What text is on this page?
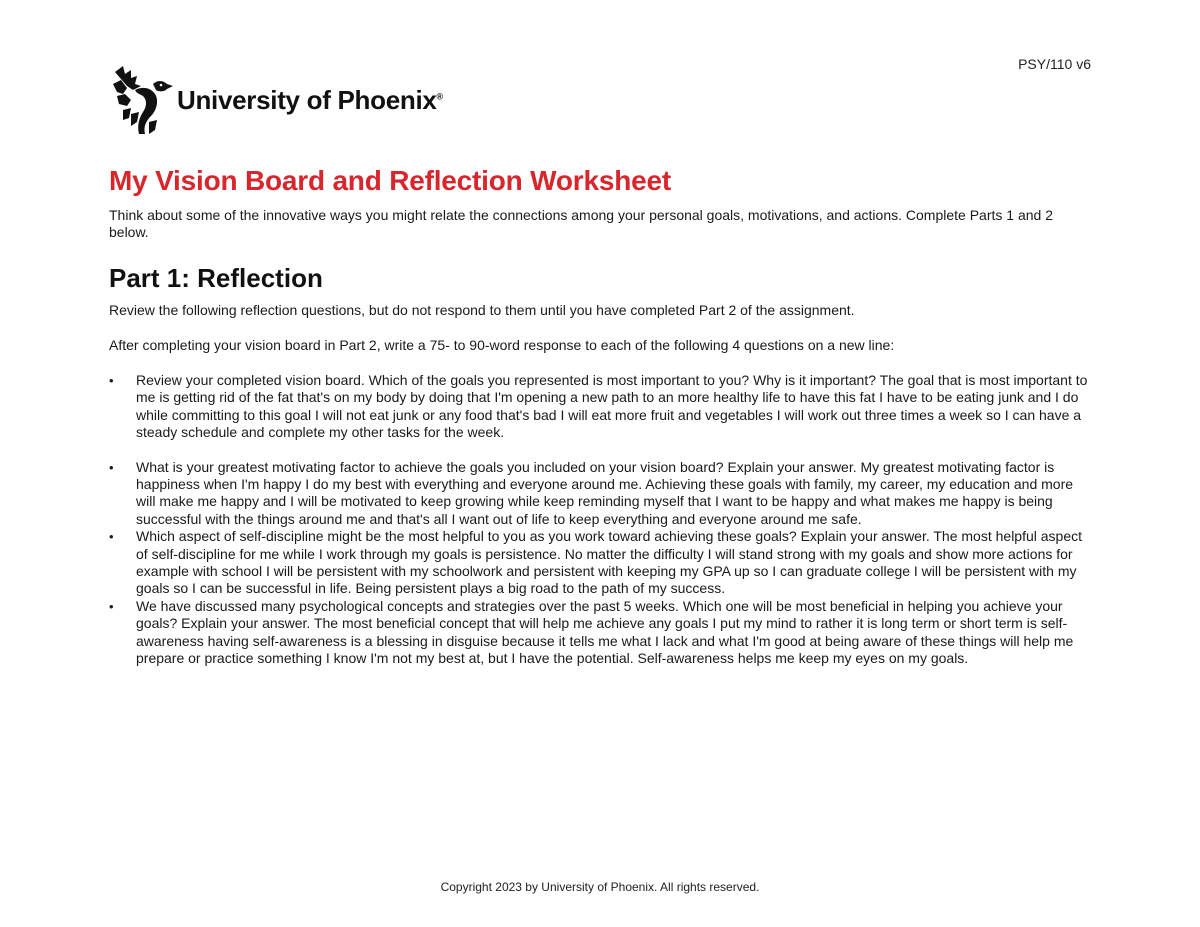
PSY/110 v6
University of Phoenix®
My Vision Board and Reflection Worksheet

Think about some of the innovative ways you might relate the connections among your personal goals, motivations, and actions. Complete Parts 1 and 2 below.

Part 1: Reflection

Review the following reflection questions, but do not respond to them until you have completed Part 2 of the assignment.

After completing your vision board in Part 2, write a 75- to 90-word response to each of the following 4 questions on a new line:

• Review your completed vision board. Which of the goals you represented is most important to you? Why is it important? The goal that is most important to me is getting rid of the fat that's on my body by doing that I'm opening a new path to an more healthy life to have this fat I have to be eating junk and I do while committing to this goal I will not eat junk or any food that's bad I will eat more fruit and vegetables I will work out three times a week so I can have a steady schedule and complete my other tasks for the week.
• What is your greatest motivating factor to achieve the goals you included on your vision board? Explain your answer. My greatest motivating factor is happiness when I'm happy I do my best with everything and everyone around me. Achieving these goals with family, my career, my education and more will make me happy and I will be motivated to keep growing while keep reminding myself that I want to be happy and what makes me happy is being successful with the things around me and that's all I want out of life to keep everything and everyone around me safe.
• Which aspect of self-discipline might be the most helpful to you as you work toward achieving these goals? Explain your answer. The most helpful aspect of self-discipline for me while I work through my goals is persistence. No matter the difficulty I will stand strong with my goals and show more actions for example with school I will be persistent with my schoolwork and persistent with keeping my GPA up so I can graduate college I will be persistent with my goals so I can be successful in life. Being persistent plays a big road to the path of my success.
• We have discussed many psychological concepts and strategies over the past 5 weeks. Which one will be most beneficial in helping you achieve your goals? Explain your answer. The most beneficial concept that will help me achieve any goals I put my mind to rather it is long term or short term is self-awareness having self-awareness is a blessing in disguise because it tells me what I lack and what I'm good at being aware of these things will help me prepare or practice something I know I'm not my best at, but I have the potential. Self-awareness helps me keep my eyes on my goals.
Copyright 2023 by University of Phoenix. All rights reserved.
